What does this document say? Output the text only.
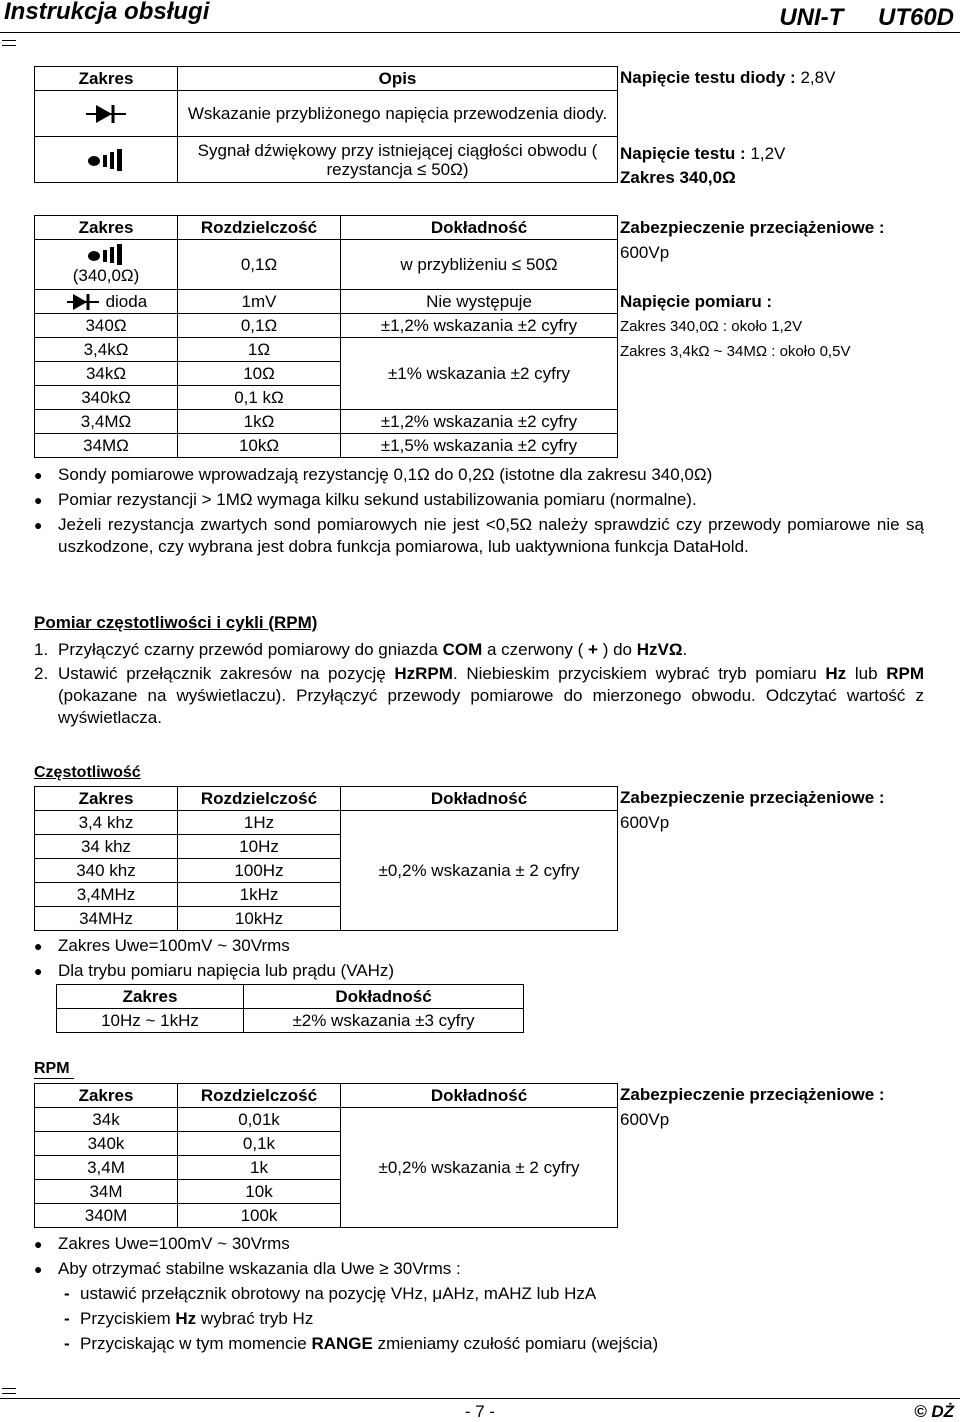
Instrukcja obsługi	UNI-T UT60D
Zakres	Opis
	Wskazanie przybliżonego napięcia przewodzenia diody.
	Sygnał dźwiękowy przy istniejącej ciągłości obwodu ( rezystancja ≤ 50Ω)
Napięcie testu diody : 2,8V
Napięcie testu : 1,2V
Zakres 340,0Ω
Zakres	Rozdzielczość	Dokładność

(340,0Ω)	0,1Ω	w przybliżeniu ≤ 50Ω
dioda	1mV	Nie występuje
340Ω	0,1Ω	±1,2% wskazania ±2 cyfry
3,4kΩ	1Ω	±1% wskazania ±2 cyfry
34kΩ	10Ω	
340kΩ	0,1 kΩ	
3,4MΩ	1kΩ	±1,2% wskazania ±2 cyfry
34MΩ	10kΩ	±1,5% wskazania ±2 cyfry
Zabezpieczenie przeciążeniowe :
600Vp
Napięcie pomiaru :
Zakres 340,0Ω : około 1,2V
Zakres 3,4kΩ ~ 34MΩ : około 0,5V
● Sondy pomiarowe wprowadzają rezystancję 0,1Ω do 0,2Ω (istotne dla zakresu 340,0Ω)
● Pomiar rezystancji > 1MΩ wymaga kilku sekund ustabilizowania pomiaru (normalne).
● Jeżeli rezystancja zwartych sond pomiarowych nie jest <0,5Ω należy sprawdzić czy przewody pomiarowe nie są uszkodzone, czy wybrana jest dobra funkcja pomiarowa, lub uaktywniona funkcja DataHold.
Pomiar częstotliwości i cykli (RPM)
1. Przyłączyć czarny przewód pomiarowy do gniazda COM a czerwony ( + ) do HzVΩ.
2. Ustawić przełącznik zakresów na pozycję HzRPM. Niebieskim przyciskiem wybrać tryb pomiaru Hz lub RPM (pokazane na wyświetlaczu). Przyłączyć przewody pomiarowe do mierzonego obwodu. Odczytać wartość z wyświetlacza.
Częstotliwość
Zakres	Rozdzielczość	Dokładność
3,4 khz	1Hz	±0,2% wskazania ± 2 cyfry
34 khz	10Hz	
340 khz	100Hz	
3,4MHz	1kHz	
34MHz	10kHz	
Zabezpieczenie przeciążeniowe :
600Vp
● Zakres Uwe=100mV ~ 30Vrms
● Dla trybu pomiaru napięcia lub prądu (VAHz)
Zakres	Dokładność
10Hz ~ 1kHz	±2% wskazania ±3 cyfry
RPM
Zakres	Rozdzielczość	Dokładność
34k	0,01k	±0,2% wskazania ± 2 cyfry
340k	0,1k	
3,4M	1k	
34M	10k	
340M	100k	
Zabezpieczenie przeciążeniowe :
600Vp
● Zakres Uwe=100mV ~ 30Vrms
● Aby otrzymać stabilne wskazania dla Uwe ≥ 30Vrms :
- ustawić przełącznik obrotowy na pozycję VHz, μAHz, mAHZ lub HzA
- Przyciskiem Hz wybrać tryb Hz
- Przyciskając w tym momencie RANGE zmieniamy czułość pomiaru (wejścia)
- 7 -	© DŻ
